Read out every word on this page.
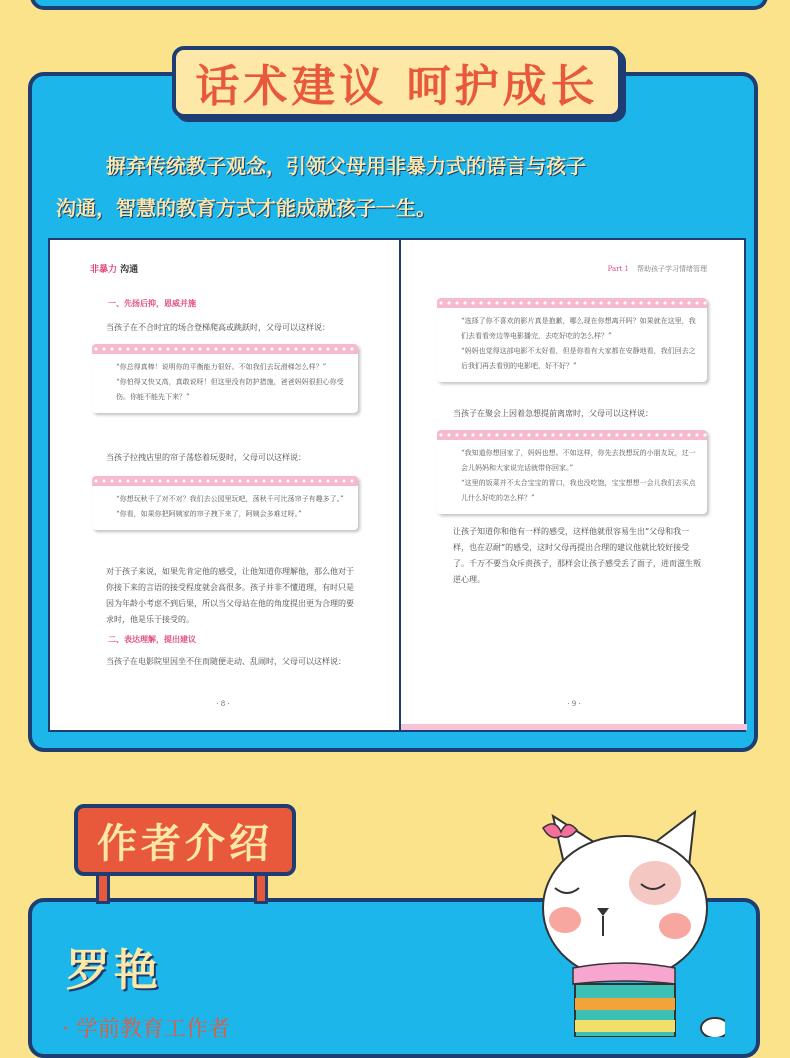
话术建议 呵护成长
摒弃传统教子观念，引领父母用非暴力式的语言与孩子
沟通，智慧的教育方式才能成就孩子一生。
非暴力 沟通
一、先扬后抑，恩威并施
当孩子在不合时宜的场合登梯爬高或跳跃时，父母可以这样说：
“你总得真棒！说明你的平衡能力很好。不如我们去玩滑梯怎么样？”
“你怕得又快又高，真敢说呀！但这里没有防护措施，爸爸妈妈很担心你受伤。你能不能先下来？”
当孩子拉拽店里的帘子荡悠着玩耍时，父母可以这样说：
“你想玩秋千了对不对？我们去公园里玩吧，荡秋千可比荡帘子有趣多了。”
“你看，如果你把阿姨家的帘子拽下来了，阿姨会多难过呀。”
对于孩子来说，如果先肯定他的感受，让他知道你理解他，那么他对于你接下来的言语的接受程度就会高很多。孩子并非不懂道理，有时只是因为年龄小考虑不到后果，所以当父母站在他的角度提出更为合理的要求时，他是乐于接受的。
二、表达理解，提出建议
当孩子在电影院里因坐不住而随便走动、乱闹时，父母可以这样说：
· 8 ·
Part 1 帮助孩子学习情绪管理
“选择了你不喜欢的影片真是抱歉，哪么现在你想离开吗？如果就在这里，我们去看看旁边等电影播完，去吃好吃的怎么样？”
“妈妈也觉得这部电影不太好看，但是你看有大家都在安静地看，我们回去之后我们再去看别的电影吧，好不好？”
当孩子在聚会上因着急想提前离席时，父母可以这样说：
“我知道你想回家了，妈妈也想。不如这样，你先去找想玩的小朋友玩，过一会儿妈妈和大家说完话就带你回家。”
“这里的饭菜并不太合宝宝的胃口，我也没吃饱，宝宝想想一会儿我们去买点儿什么好吃的怎么样？”
让孩子知道你和他有一样的感受，这样他就很容易生出“父母和我一样，也在忍耐”的感受，这时父母再提出合理的建议他就比较好接受了。千万不要当众斥责孩子，那样会让孩子感受丢了面子，进而滋生叛逆心理。
· 9 ·
作者介绍
罗艳
· 学前教育工作者
